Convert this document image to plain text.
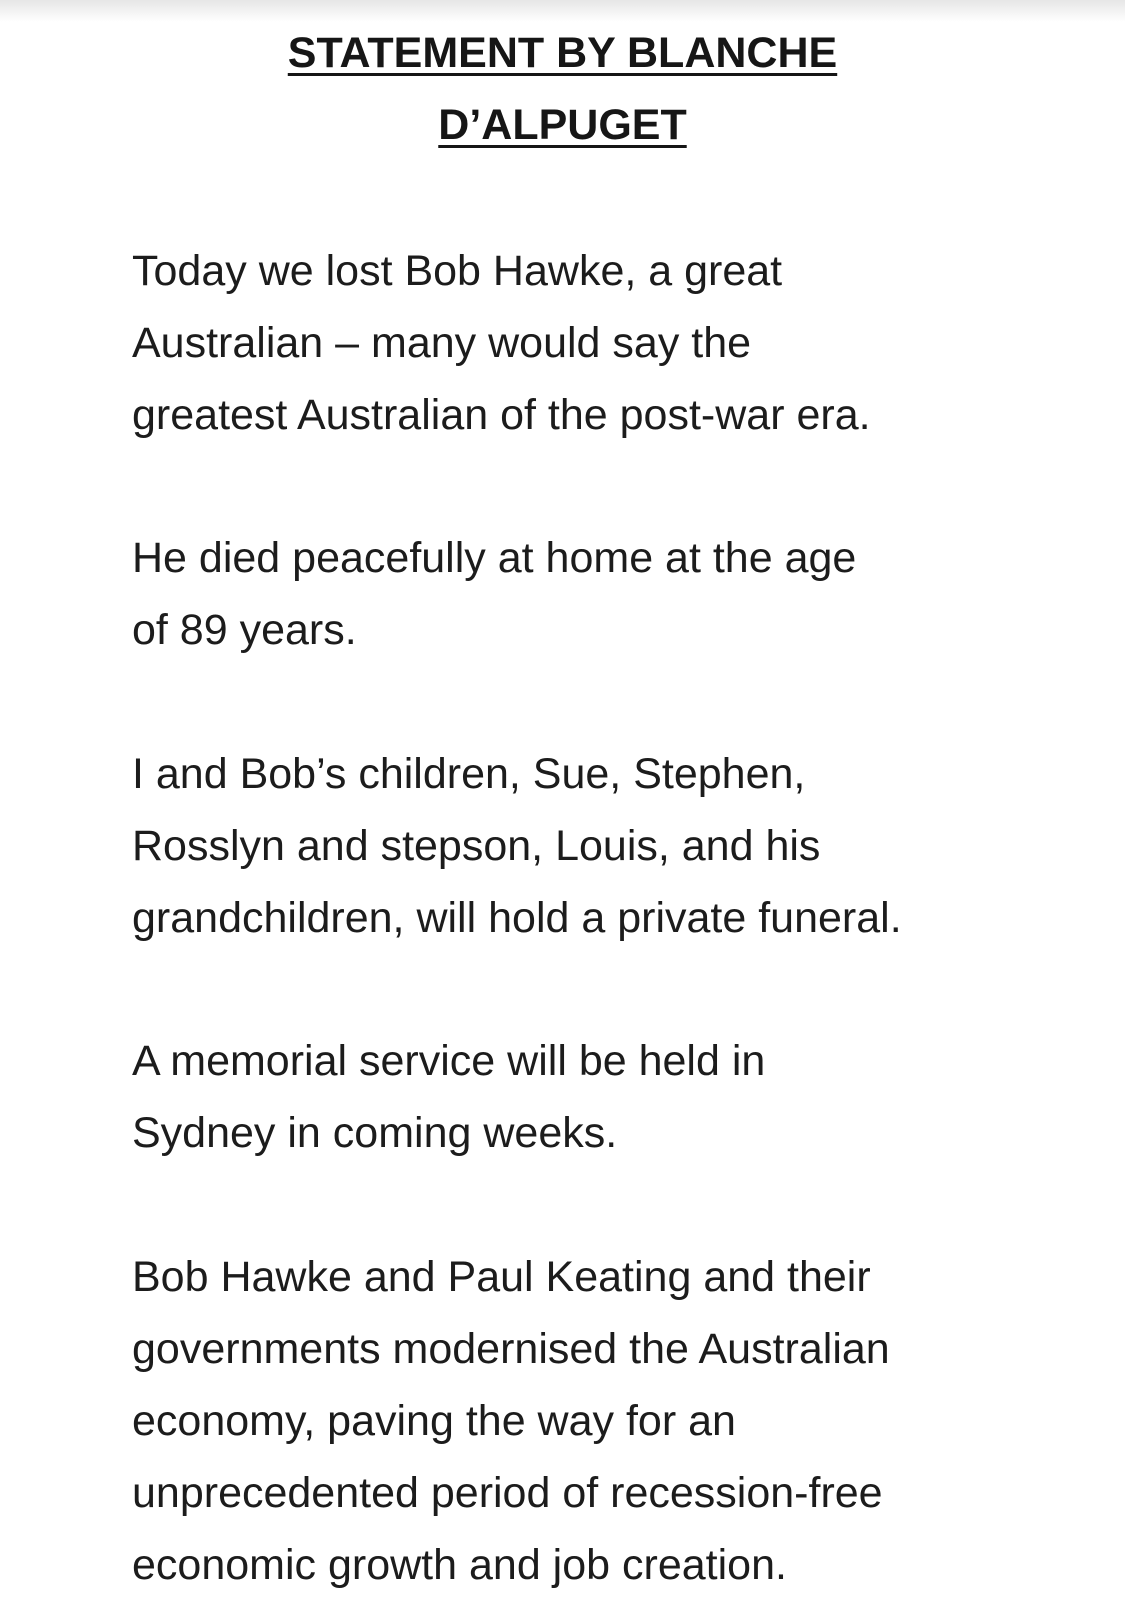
STATEMENT BY BLANCHE
D’ALPUGET

Today we lost Bob Hawke, a great
Australian – many would say the
greatest Australian of the post-war era.

He died peacefully at home at the age
of 89 years.

I and Bob’s children, Sue, Stephen,
Rosslyn and stepson, Louis, and his
grandchildren, will hold a private funeral.

A memorial service will be held in
Sydney in coming weeks.

Bob Hawke and Paul Keating and their
governments modernised the Australian
economy, paving the way for an
unprecedented period of recession-free
economic growth and job creation.
